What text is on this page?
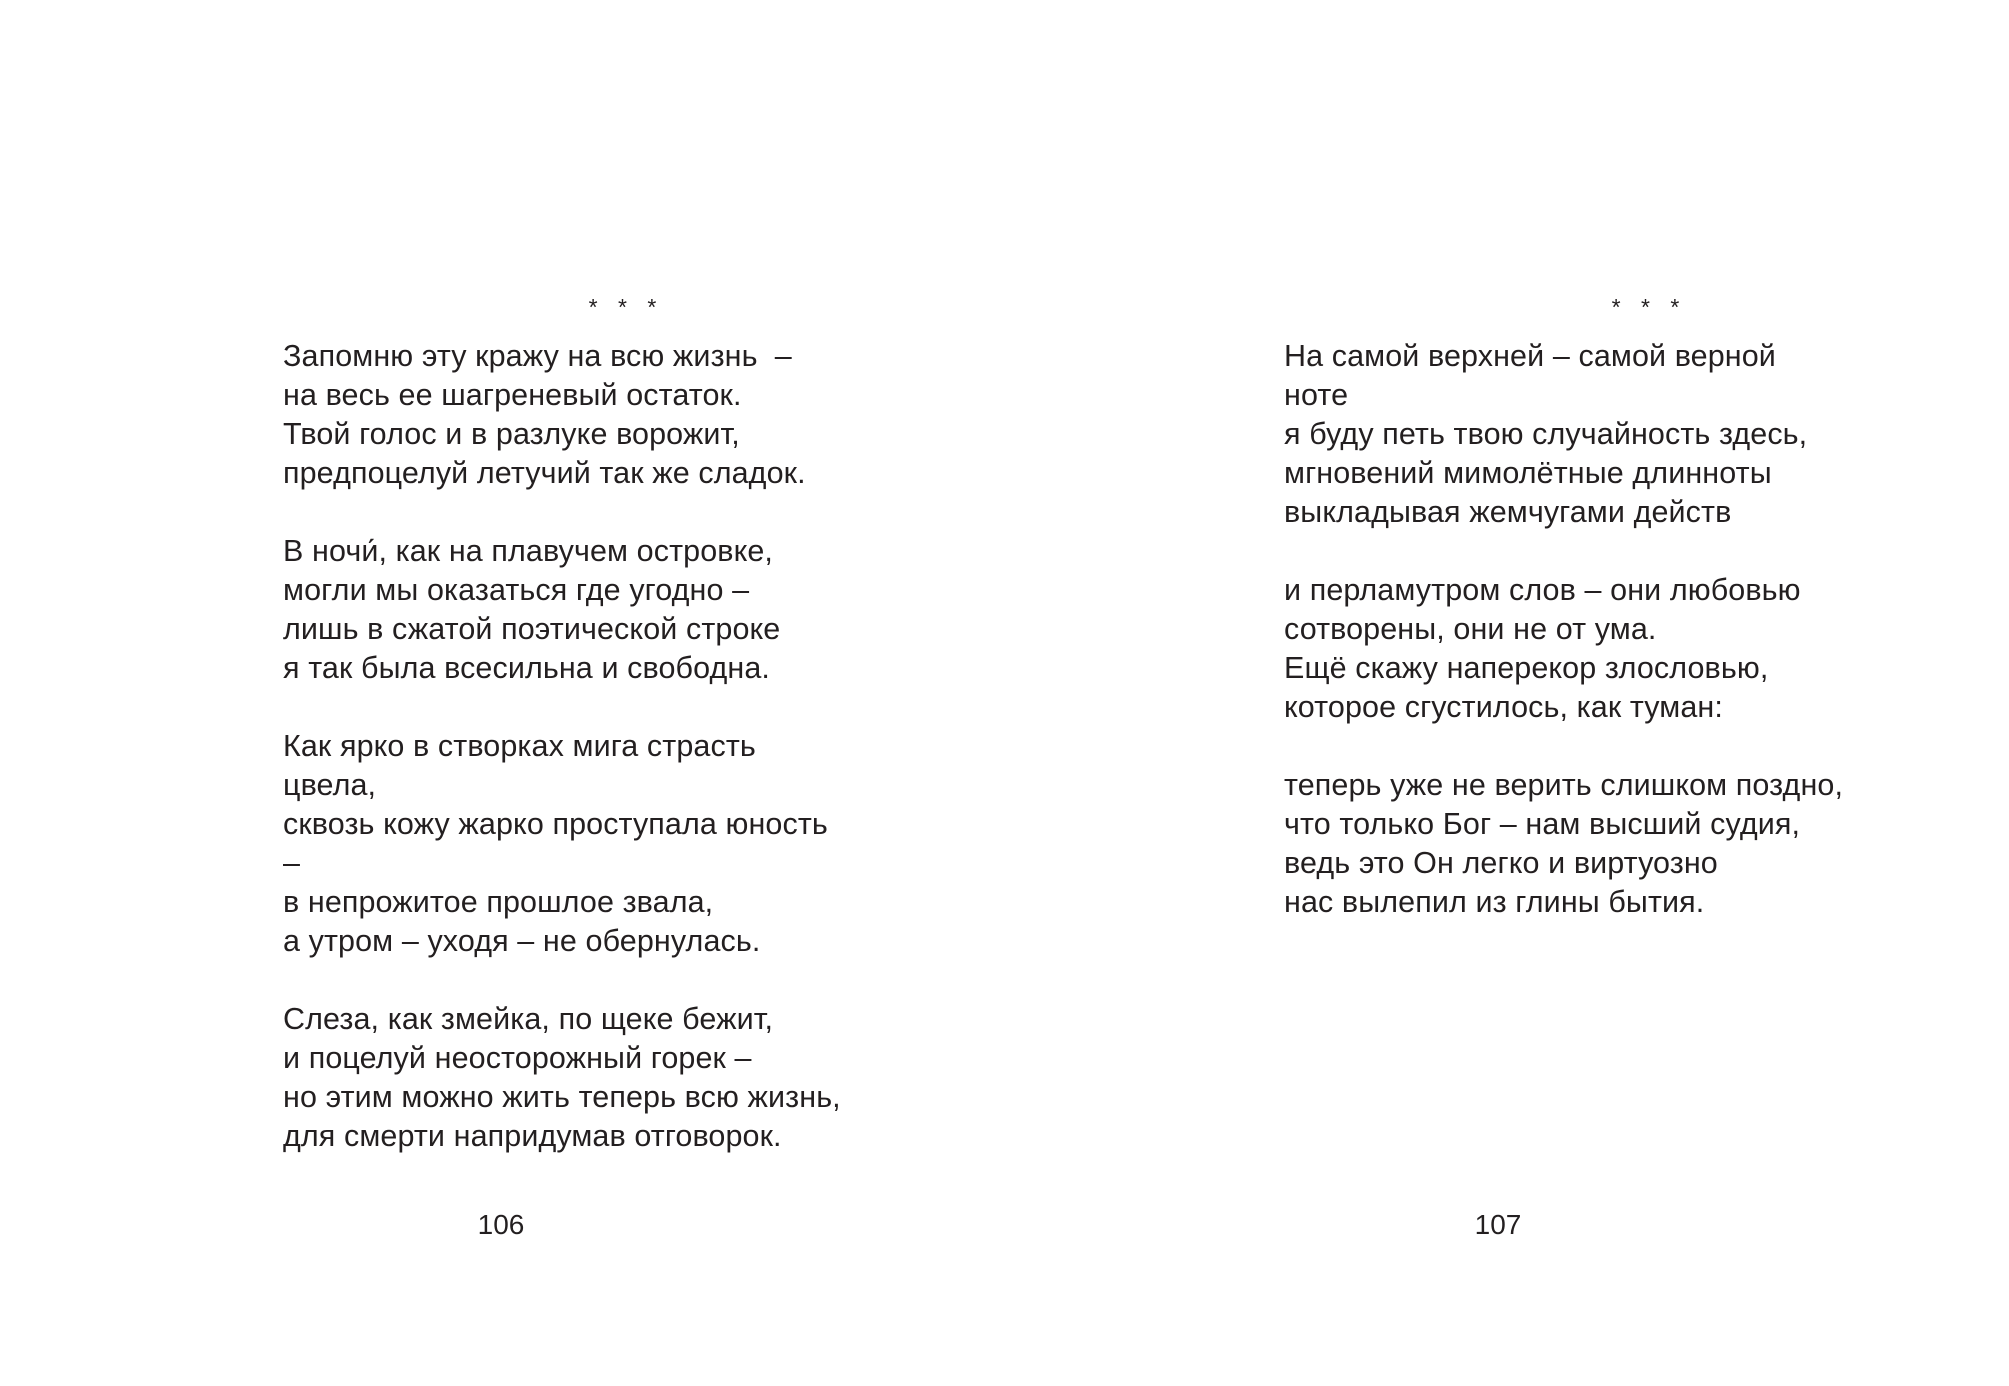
* * *
Запомню эту кражу на всю жизнь  –
на весь ее шагреневый остаток.
Твой голос и в разлуке ворожит,
предпоцелуй летучий так же сладок.
В ночи́, как на плавучем островке,
могли мы оказаться где угодно –
лишь в сжатой поэтической строке
я так была всесильна и свободна.
Как ярко в створках мига страсть цвела,
сквозь кожу жарко проступала юность –
в непрожитое прошлое звала,
а утром – уходя – не обернулась.
Слеза, как змейка, по щеке бежит,
и поцелуй неосторожный горек –
но этим можно жить теперь всю жизнь,
для смерти напридумав отговорок.
106
* * *
На самой верхней – самой верной ноте
я буду петь твою случайность здесь,
мгновений мимолётные длинноты
выкладывая жемчугами действ
и перламутром слов – они любовью
сотворены, они не от ума.
Ещё скажу наперекор злословью,
которое сгустилось, как туман:
теперь уже не верить слишком поздно,
что только Бог – нам высший судия,
ведь это Он легко и виртуозно
нас вылепил из глины бытия.
107
